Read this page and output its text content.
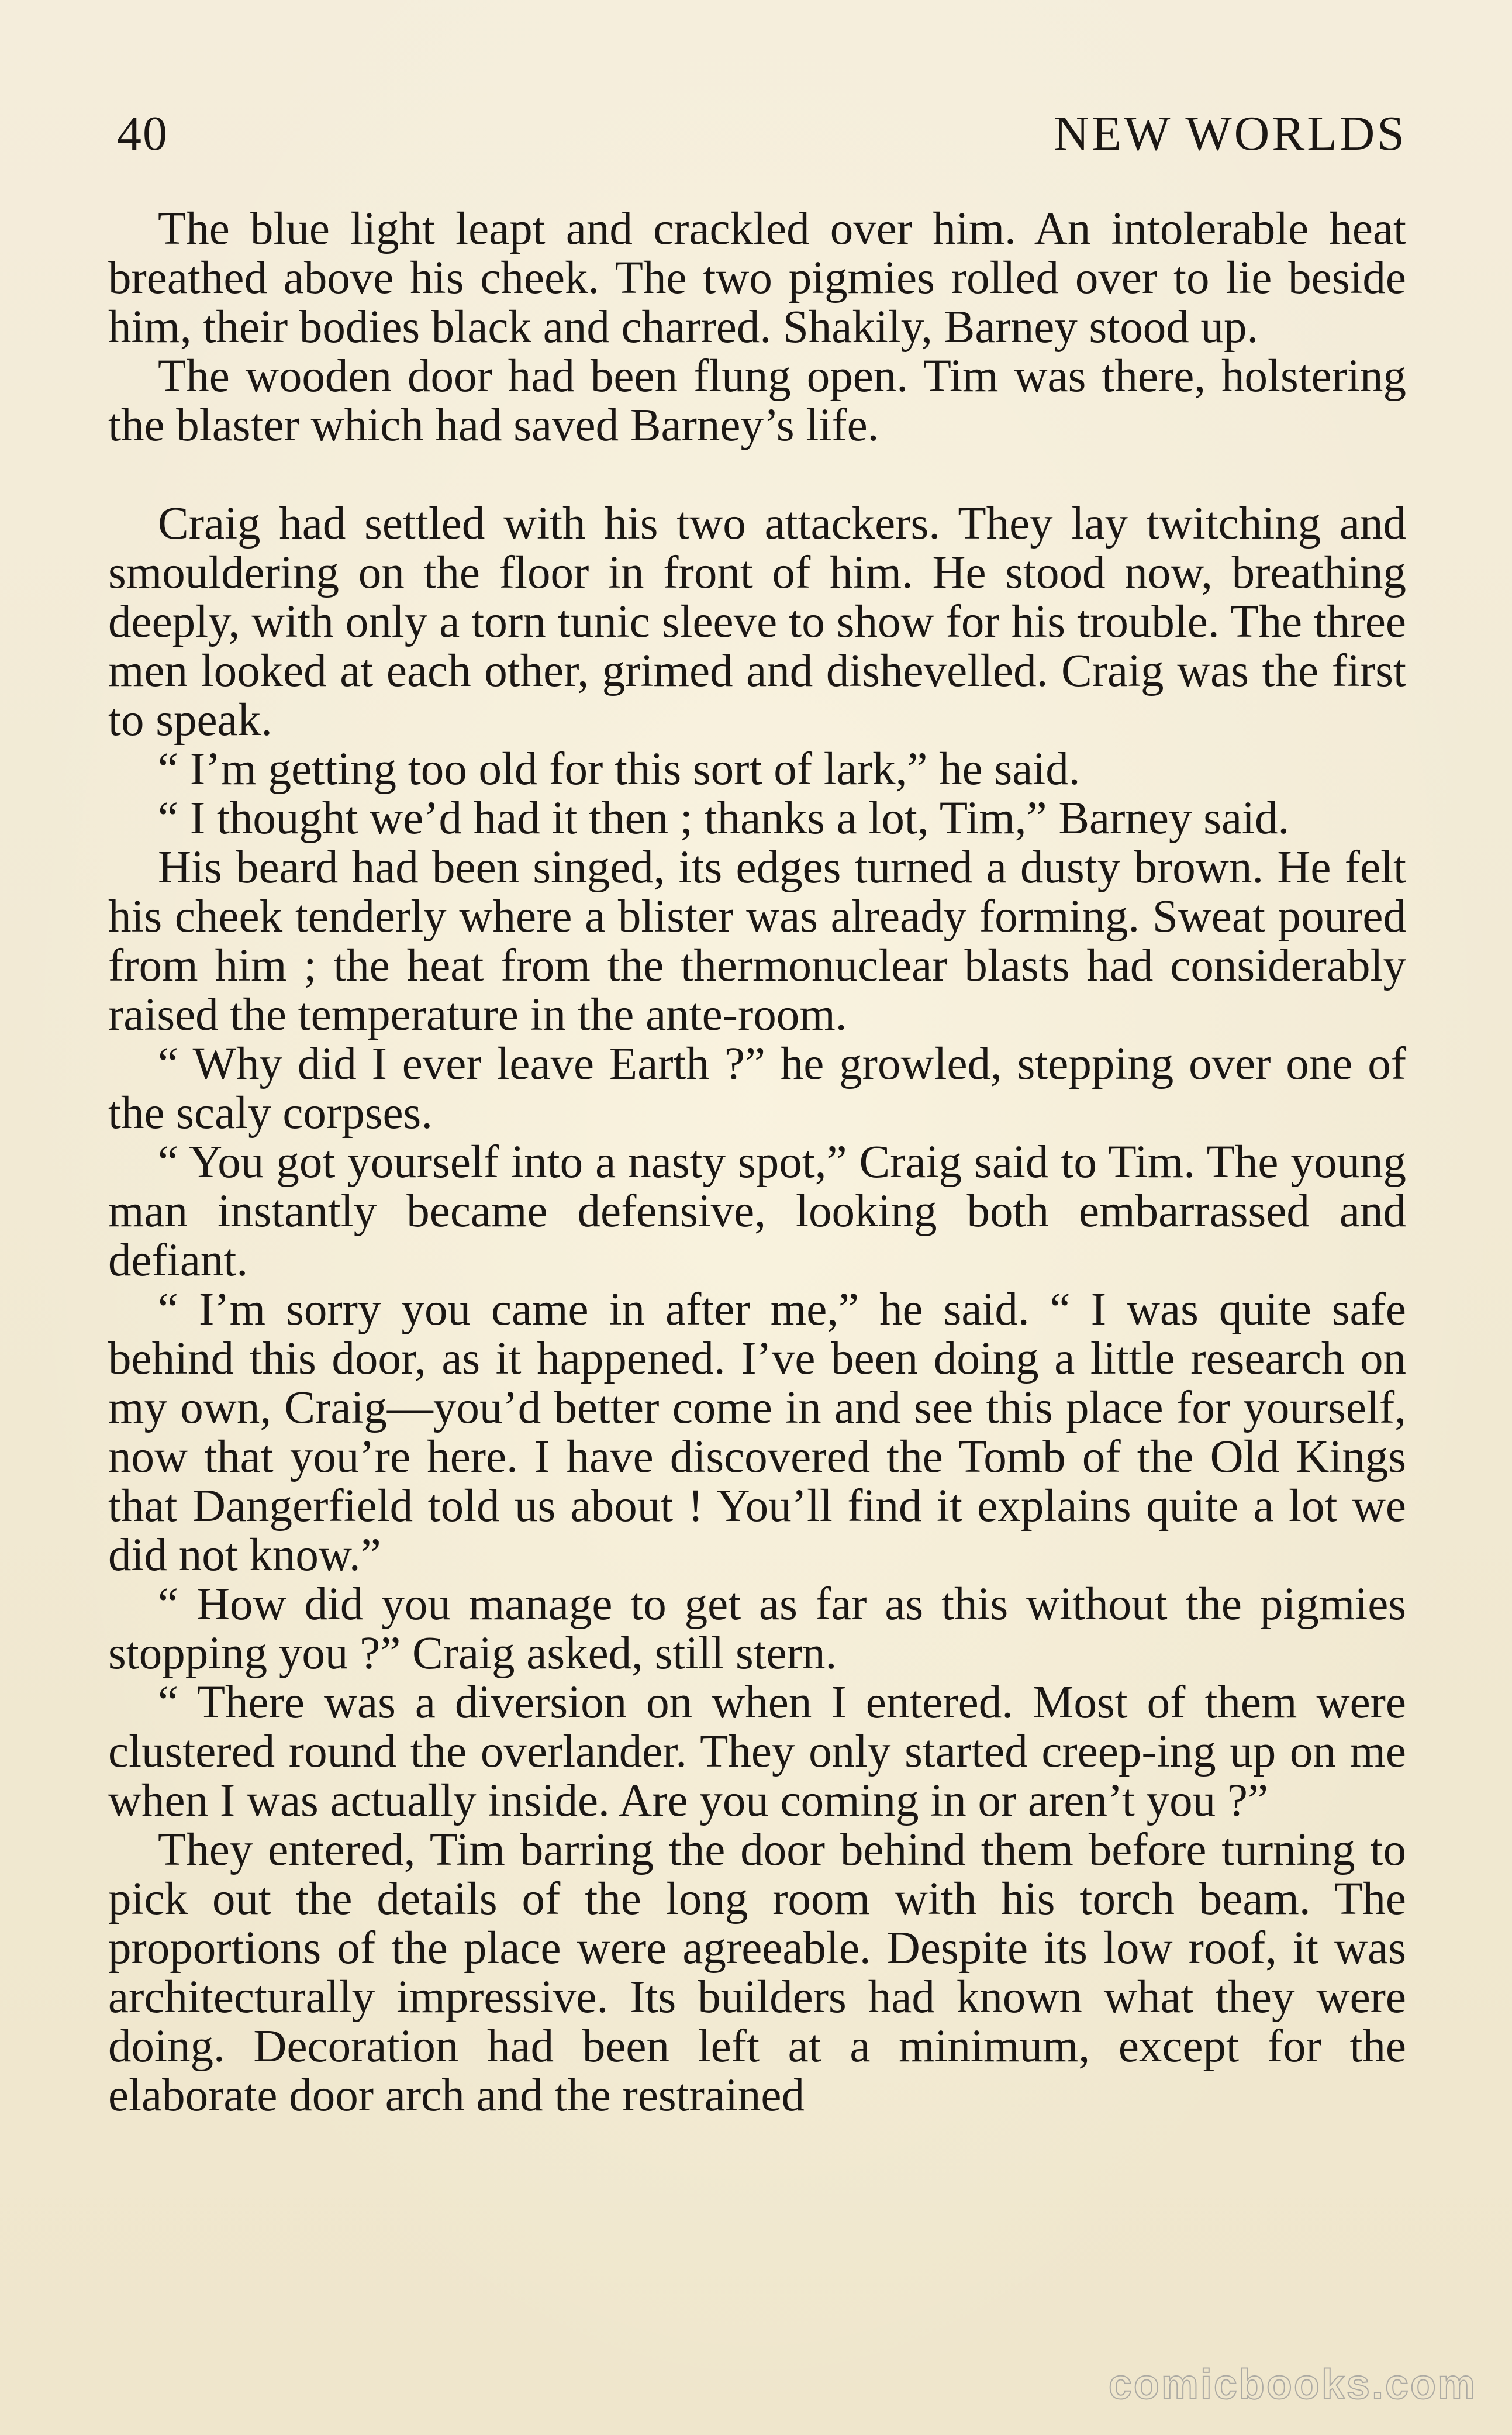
40	NEW WORLDS

The blue light leapt and crackled over him. An intolerable heat breathed above his cheek. The two pigmies rolled over to lie beside him, their bodies black and charred. Shakily, Barney stood up.

The wooden door had been flung open. Tim was there, holstering the blaster which had saved Barney’s life.

Craig had settled with his two attackers. They lay twitching and smouldering on the floor in front of him. He stood now, breathing deeply, with only a torn tunic sleeve to show for his trouble. The three men looked at each other, grimed and dishevelled. Craig was the first to speak.

“ I’m getting too old for this sort of lark,” he said.

“ I thought we’d had it then ; thanks a lot, Tim,” Barney said.

His beard had been singed, its edges turned a dusty brown. He felt his cheek tenderly where a blister was already forming. Sweat poured from him ; the heat from the thermonuclear blasts had considerably raised the temperature in the ante-room.

“ Why did I ever leave Earth ?” he growled, stepping over one of the scaly corpses.

“ You got yourself into a nasty spot,” Craig said to Tim. The young man instantly became defensive, looking both embarrassed and defiant.

“ I’m sorry you came in after me,” he said. “ I was quite safe behind this door, as it happened. I’ve been doing a little research on my own, Craig—you’d better come in and see this place for yourself, now that you’re here. I have discovered the Tomb of the Old Kings that Dangerfield told us about ! You’ll find it explains quite a lot we did not know.”

“ How did you manage to get as far as this without the pigmies stopping you ?” Craig asked, still stern.

“ There was a diversion on when I entered. Most of them were clustered round the overlander. They only started creep-ing up on me when I was actually inside. Are you coming in or aren’t you ?”

They entered, Tim barring the door behind them before turning to pick out the details of the long room with his torch beam. The proportions of the place were agreeable. Despite its low roof, it was architecturally impressive. Its builders had known what they were doing. Decoration had been left at a minimum, except for the elaborate door arch and the restrained

comicbooks.com
